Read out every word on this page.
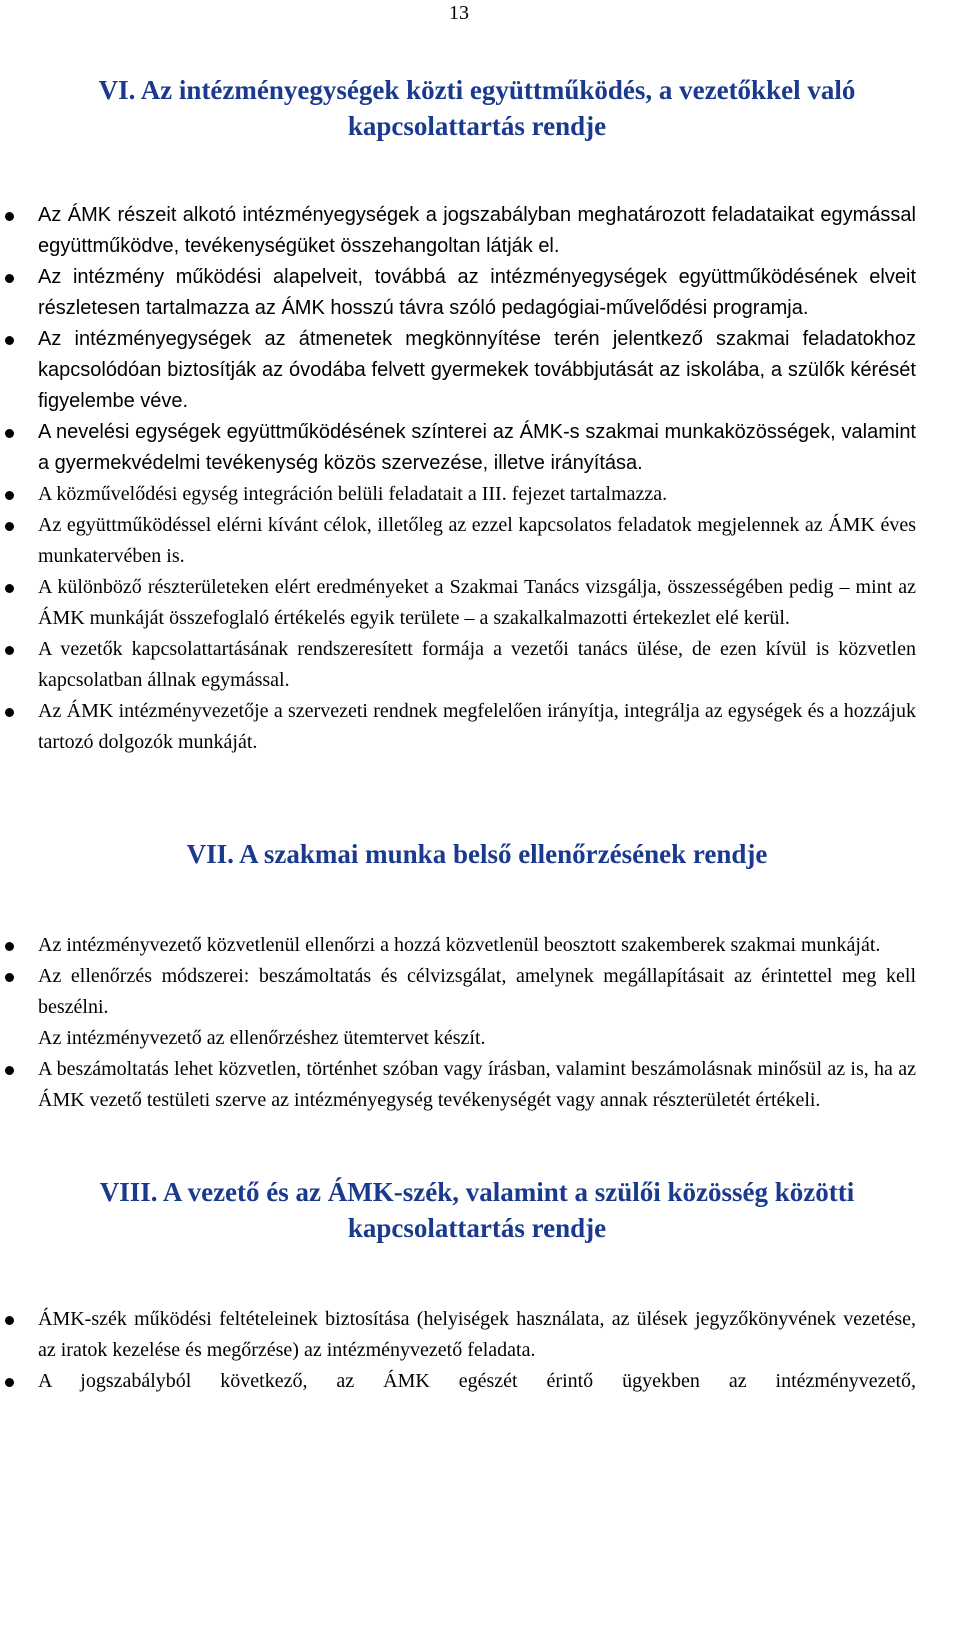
13
VI. Az intézményegységek közti együttműködés, a vezetőkkel való
kapcsolattartás rendje
Az ÁMK részeit alkotó intézményegységek a jogszabályban meghatározott feladataikat egymással együttműködve, tevékenységüket összehangoltan látják el.
Az intézmény működési alapelveit, továbbá az intézményegységek együttműködésének elveit részletesen tartalmazza az ÁMK hosszú távra szóló pedagógiai-művelődési programja.
Az intézményegységek az átmenetek megkönnyítése terén jelentkező szakmai feladatokhoz kapcsolódóan biztosítják az óvodába felvett gyermekek továbbjutását az iskolába, a szülők kérését figyelembe véve.
A nevelési egységek együttműködésének színterei az ÁMK-s szakmai munkaközösségek, valamint a gyermekvédelmi tevékenység közös szervezése, illetve irányítása.
A közművelődési egység integráción belüli feladatait a III. fejezet tartalmazza.
Az együttműködéssel elérni kívánt célok, illetőleg az ezzel kapcsolatos feladatok megjelennek az ÁMK éves munkatervében is.
A különböző részterületeken elért eredményeket a Szakmai Tanács vizsgálja, összességében pedig – mint az ÁMK munkáját összefoglaló értékelés egyik területe – a szakalkalmazotti értekezlet elé kerül.
A vezetők kapcsolattartásának rendszeresített formája a vezetői tanács ülése, de ezen kívül is közvetlen kapcsolatban állnak egymással.
Az ÁMK intézményvezetője a szervezeti rendnek megfelelően irányítja, integrálja az egységek és a hozzájuk tartozó dolgozók munkáját.
VII. A szakmai munka belső ellenőrzésének rendje
Az intézményvezető közvetlenül ellenőrzi a hozzá közvetlenül beosztott szakemberek szakmai munkáját.
Az ellenőrzés módszerei: beszámoltatás és célvizsgálat, amelynek megállapításait az érintettel meg kell beszélni.
Az intézményvezető az ellenőrzéshez ütemtervet készít.
A beszámoltatás lehet közvetlen, történhet szóban vagy írásban, valamint beszámolásnak minősül az is, ha az ÁMK vezető testületi szerve az intézményegység tevékenységét vagy annak részterületét értékeli.
VIII. A vezető és az ÁMK-szék, valamint a szülői közösség közötti
kapcsolattartás rendje
ÁMK-szék működési feltételeinek biztosítása (helyiségek használata, az ülések jegyzőkönyvének vezetése, az iratok kezelése és megőrzése) az intézményvezető feladata.
A jogszabályból következő, az ÁMK egészét érintő ügyekben az intézményvezető,
